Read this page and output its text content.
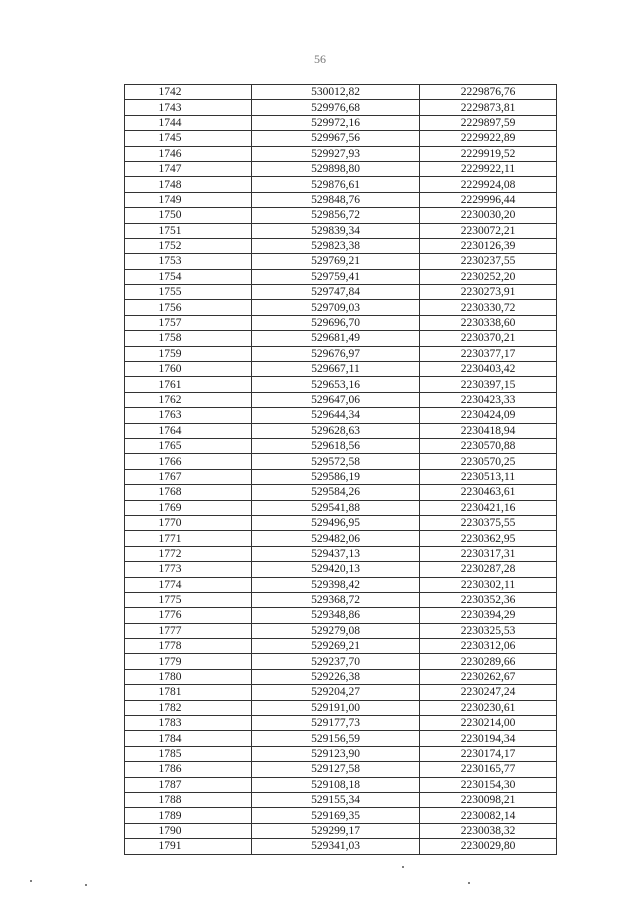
56
1742	530012,82	2229876,76
1743	529976,68	2229873,81
1744	529972,16	2229897,59
1745	529967,56	2229922,89
1746	529927,93	2229919,52
1747	529898,80	2229922,11
1748	529876,61	2229924,08
1749	529848,76	2229996,44
1750	529856,72	2230030,20
1751	529839,34	2230072,21
1752	529823,38	2230126,39
1753	529769,21	2230237,55
1754	529759,41	2230252,20
1755	529747,84	2230273,91
1756	529709,03	2230330,72
1757	529696,70	2230338,60
1758	529681,49	2230370,21
1759	529676,97	2230377,17
1760	529667,11	2230403,42
1761	529653,16	2230397,15
1762	529647,06	2230423,33
1763	529644,34	2230424,09
1764	529628,63	2230418,94
1765	529618,56	2230570,88
1766	529572,58	2230570,25
1767	529586,19	2230513,11
1768	529584,26	2230463,61
1769	529541,88	2230421,16
1770	529496,95	2230375,55
1771	529482,06	2230362,95
1772	529437,13	2230317,31
1773	529420,13	2230287,28
1774	529398,42	2230302,11
1775	529368,72	2230352,36
1776	529348,86	2230394,29
1777	529279,08	2230325,53
1778	529269,21	2230312,06
1779	529237,70	2230289,66
1780	529226,38	2230262,67
1781	529204,27	2230247,24
1782	529191,00	2230230,61
1783	529177,73	2230214,00
1784	529156,59	2230194,34
1785	529123,90	2230174,17
1786	529127,58	2230165,77
1787	529108,18	2230154,30
1788	529155,34	2230098,21
1789	529169,35	2230082,14
1790	529299,17	2230038,32
1791	529341,03	2230029,80
